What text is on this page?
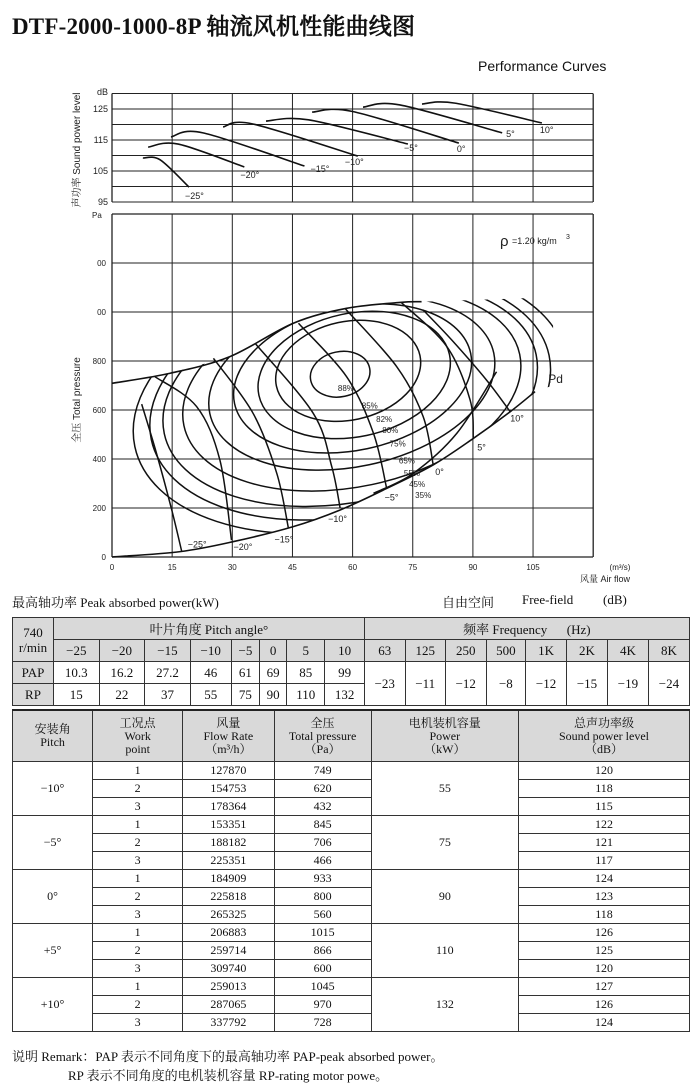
DTF-2000-1000-8P 轴流风机性能曲线图
Performance Curves
dB
125
115
105
95
声功率 Sound power level	−25°
−20°
−15°
−10°
−5°	0°
5°	10°
Pa
00
00
800
600
400
200
0
0	15	30	45	60	75	90	105	(m³/s)
风量 Air flow
全压 Total pressure
ρ =1.20 kg/m 3
88%
85%
82%
80%
75%
65%
55%
45%
35%
Pd
−25°	−20°
−15°
−10°
−5°
0°
5°
10°
最高轴功率 Peak absorbed power(kW)	自由空间 Free-field (dB)
740
r/min	叶片角度 Pitch angle°								频率 Frequency (Hz)							
	−25	−20	−15	−10	−5	0	5	10	63	125	250	500	1K	2K	4K	8K
PAP	10.3	16.2	27.2	46	61	69	85	99	−23	−11	−12	−8	−12	−15	−19	−24
RP	15	22	37	55	75	90	110	132								
安装角
Pitch	工况点
Work
point	风量
Flow Rate
（m³/h）	全压
Total pressure
（Pa）	电机装机容量
Power
（kW）	总声功率级
Sound power level
（dB）
−10°	1	127870	749	55	120
	2	154753	620		118
	3	178364	432		115
−5°	1	153351	845	75	122
	2	188182	706		121
	3	225351	466		117
0°	1	184909	933	90	124
	2	225818	800		123
	3	265325	560		118
+5°	1	206883	1015	110	126
	2	259714	866		125
	3	309740	600		120
+10°	1	259013	1045	132	127
	2	287065	970		126
	3	337792	728		124
说明 Remark：PAP 表示不同角度下的最高轴功率 PAP-peak absorbed power。
RP 表示不同角度的电机装机容量 RP-rating motor powe。
